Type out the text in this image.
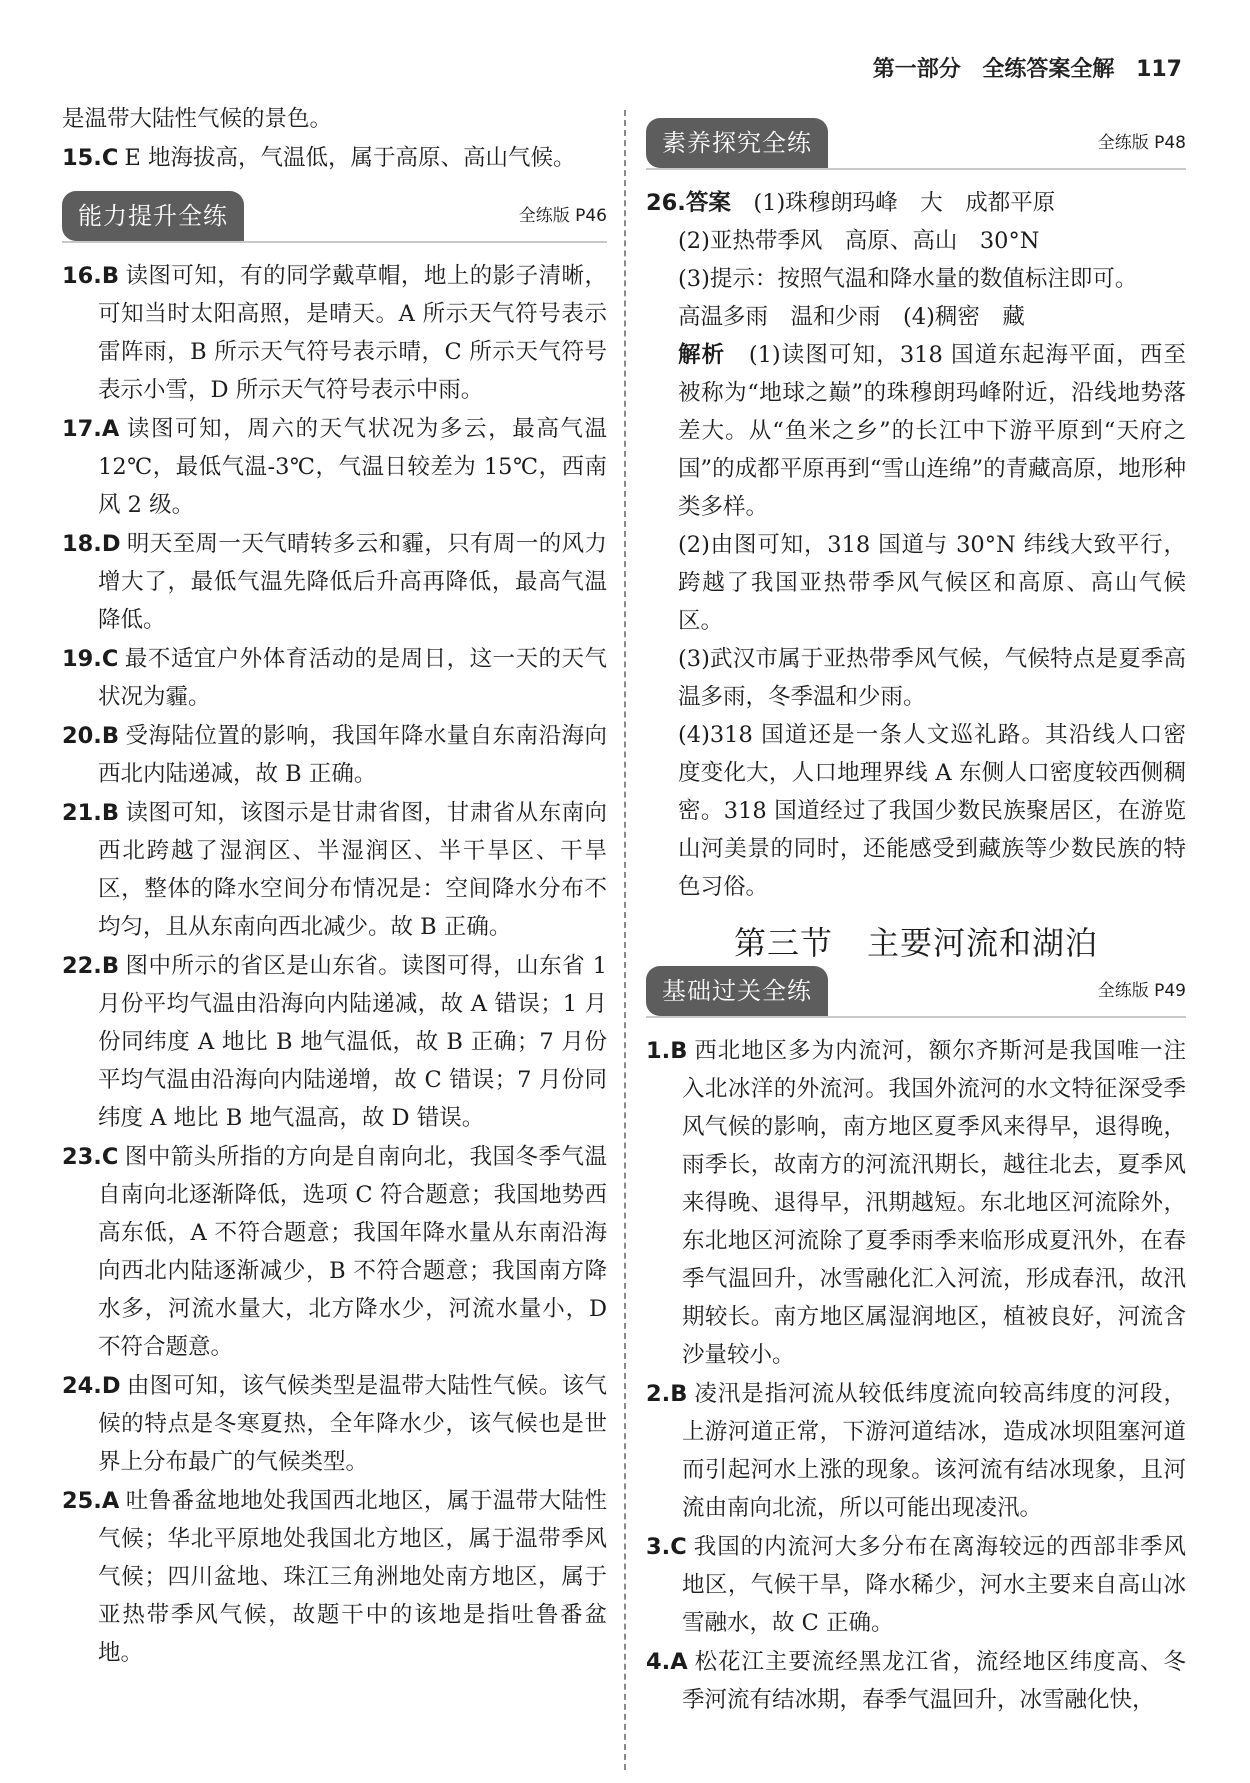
第一部分 全练答案全解 117

是温带大陆性气候的景色。

15.C E 地海拔高，气温低，属于高原、高山气候。

能力提升全练	全练版 P46

16.B 读图可知，有的同学戴草帽，地上的影子清晰，可知当时太阳高照，是晴天。A 所示天气符号表示雷阵雨，B 所示天气符号表示晴，C 所示天气符号表示小雪，D 所示天气符号表示中雨。

17.A 读图可知，周六的天气状况为多云，最高气温 12℃，最低气温-3℃，气温日较差为 15℃，西南风 2 级。

18.D 明天至周一天气晴转多云和霾，只有周一的风力增大了，最低气温先降低后升高再降低，最高气温降低。

19.C 最不适宜户外体育活动的是周日，这一天的天气状况为霾。

20.B 受海陆位置的影响，我国年降水量自东南沿海向西北内陆递减，故 B 正确。

21.B 读图可知，该图示是甘肃省图，甘肃省从东南向西北跨越了湿润区、半湿润区、半干旱区、干旱区，整体的降水空间分布情况是：空间降水分布不均匀，且从东南向西北减少。故 B 正确。

22.B 图中所示的省区是山东省。读图可得，山东省 1 月份平均气温由沿海向内陆递减，故 A 错误；1 月份同纬度 A 地比 B 地气温低，故 B 正确；7 月份平均气温由沿海向内陆递增，故 C 错误；7 月份同纬度 A 地比 B 地气温高，故 D 错误。

23.C 图中箭头所指的方向是自南向北，我国冬季气温自南向北逐渐降低，选项 C 符合题意；我国地势西高东低，A 不符合题意；我国年降水量从东南沿海向西北内陆逐渐减少，B 不符合题意；我国南方降水多，河流水量大，北方降水少，河流水量小，D 不符合题意。

24.D 由图可知，该气候类型是温带大陆性气候。该气候的特点是冬寒夏热，全年降水少，该气候也是世界上分布最广的气候类型。

25.A 吐鲁番盆地地处我国西北地区，属于温带大陆性气候；华北平原地处我国北方地区，属于温带季风气候；四川盆地、珠江三角洲地处南方地区，属于亚热带季风气候，故题干中的该地是指吐鲁番盆地。

素养探究全练	全练版 P48

26.答案　 (1)珠穆朗玛峰　大　成都平原

(2)亚热带季风　高原、高山　30°N

(3)提示：按照气温和降水量的数值标注即可。

高温多雨　温和少雨　(4)稠密　藏

解析　 (1)读图可知，318 国道东起海平面，西至被称为“地球之巅”的珠穆朗玛峰附近，沿线地势落差大。从“鱼米之乡”的长江中下游平原到“天府之国”的成都平原再到“雪山连绵”的青藏高原，地形种类多样。

(2)由图可知，318 国道与 30°N 纬线大致平行，跨越了我国亚热带季风气候区和高原、高山气候区。

(3)武汉市属于亚热带季风气候，气候特点是夏季高温多雨，冬季温和少雨。

(4)318 国道还是一条人文巡礼路。其沿线人口密度变化大，人口地理界线 A 东侧人口密度较西侧稠密。318 国道经过了我国少数民族聚居区，在游览山河美景的同时，还能感受到藏族等少数民族的特色习俗。

第三节 主要河流和湖泊
基础过关全练	全练版 P49

1.B 西北地区多为内流河，额尔齐斯河是我国唯一注入北冰洋的外流河。我国外流河的水文特征深受季风气候的影响，南方地区夏季风来得早，退得晚，雨季长，故南方的河流汛期长，越往北去，夏季风来得晚、退得早，汛期越短。东北地区河流除外，东北地区河流除了夏季雨季来临形成夏汛外，在春季气温回升，冰雪融化汇入河流，形成春汛，故汛期较长。南方地区属湿润地区，植被良好，河流含沙量较小。

2.B 凌汛是指河流从较低纬度流向较高纬度的河段，上游河道正常，下游河道结冰，造成冰坝阻塞河道而引起河水上涨的现象。该河流有结冰现象，且河流由南向北流，所以可能出现凌汛。

3.C 我国的内流河大多分布在离海较远的西部非季风地区，气候干旱，降水稀少，河水主要来自高山冰雪融水，故 C 正确。

4.A 松花江主要流经黑龙江省，流经地区纬度高、冬季河流有结冰期，春季气温回升，冰雪融化快，
